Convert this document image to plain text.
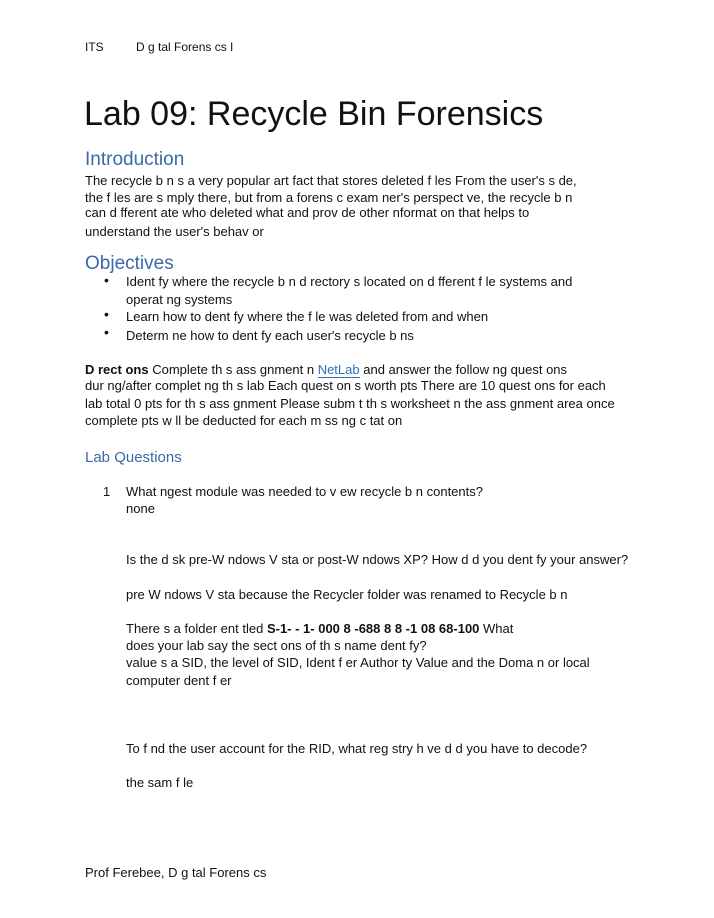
ITS	D g tal Forens cs I
Lab 09: Recycle Bin Forensics
Introduction
The recycle b n s a very popular art fact that stores deleted f les From the user's s de,
the f les are s mply there, but from a forens c exam ner's perspect ve, the recycle b n
can d fferent ate who deleted what and prov de other nformat on that helps to
understand the user's behav or
Objectives
• Ident fy where the recycle b n d rectory s located on d fferent f le systems and
operat ng systems
• Learn how to dent fy where the f le was deleted from and when
• Determ ne how to dent fy each user's recycle b ns
D rect ons Complete th s ass gnment n NetLab and answer the follow ng quest ons
dur ng/after complet ng th s lab Each quest on s worth pts There are 10 quest ons for each
lab total 0 pts for th s ass gnment Please subm t th s worksheet n the ass gnment area once
complete pts w ll be deducted for each m ss ng c tat on
Lab Questions
1 What ngest module was needed to v ew recycle b n contents?
none
Is the d sk pre-W ndows V sta or post-W ndows XP? How d d you dent fy your answer?
pre W ndows V sta because the Recycler folder was renamed to Recycle b n
There s a folder ent tled S-1- - 1- 000 8 -688 8 8 -1 08 68-100 What
does your lab say the sect ons of th s name dent fy?
value s a SID, the level of SID, Ident f er Author ty Value and the Doma n or local
computer dent f er
To f nd the user account for the RID, what reg stry h ve d d you have to decode?
the sam f le
Prof Ferebee, D g tal Forens cs
